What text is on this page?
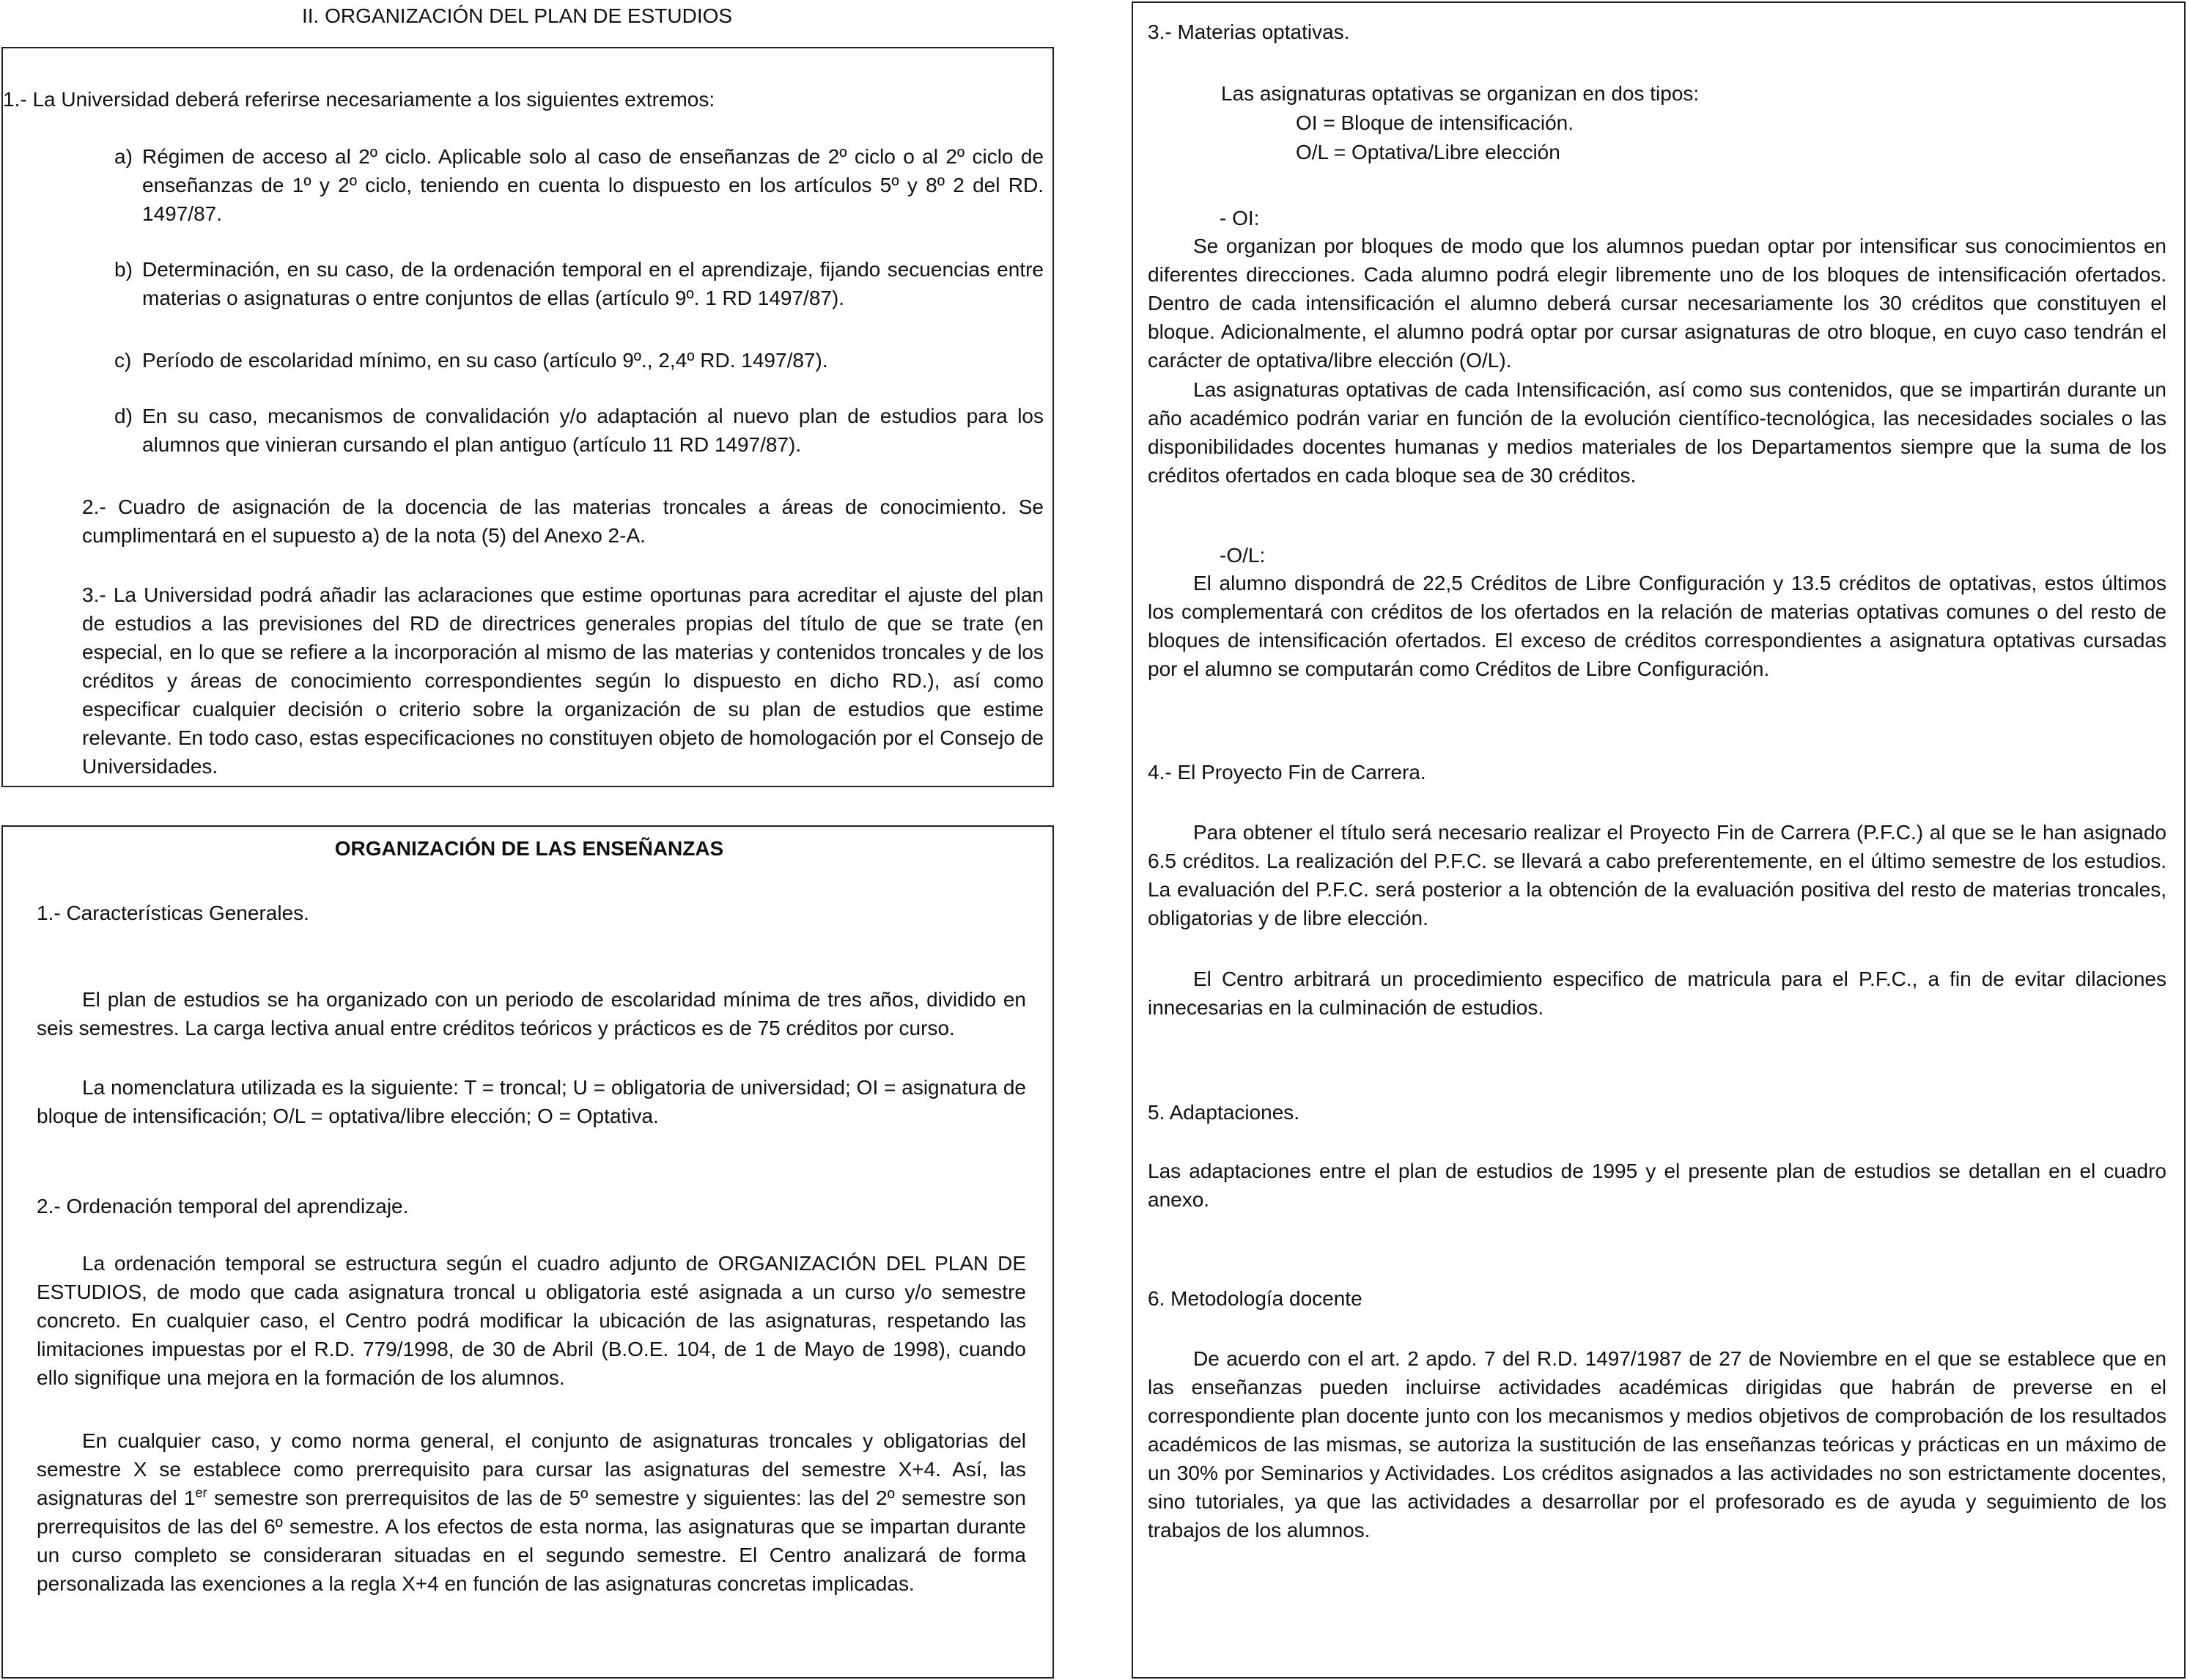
II. ORGANIZACIÓN DEL PLAN DE ESTUDIOS

1.- La Universidad deberá referirse necesariamente a los siguientes extremos:

a) Régimen de acceso al 2º ciclo. Aplicable solo al caso de enseñanzas de 2º ciclo o al 2º ciclo de enseñanzas de 1º y 2º ciclo, teniendo en cuenta lo dispuesto en los artículos 5º y 8º 2 del RD. 1497/87.
b) Determinación, en su caso, de la ordenación temporal en el aprendizaje, fijando secuencias entre materias o asignaturas o entre conjuntos de ellas (artículo 9º. 1 RD 1497/87).
c) Período de escolaridad mínimo, en su caso (artículo 9º., 2,4º RD. 1497/87).
d) En su caso, mecanismos de convalidación y/o adaptación al nuevo plan de estudios para los alumnos que vinieran cursando el plan antiguo (artículo 11 RD 1497/87).

2.- Cuadro de asignación de la docencia de las materias troncales a áreas de conocimiento. Se cumplimentará en el supuesto a) de la nota (5) del Anexo 2-A.

3.- La Universidad podrá añadir las aclaraciones que estime oportunas para acreditar el ajuste del plan de estudios a las previsiones del RD de directrices generales propias del título de que se trate (en especial, en lo que se refiere a la incorporación al mismo de las materias y contenidos troncales y de los créditos y áreas de conocimiento correspondientes según lo dispuesto en dicho RD.), así como especificar cualquier decisión o criterio sobre la organización de su plan de estudios que estime relevante. En todo caso, estas especificaciones no constituyen objeto de homologación por el Consejo de Universidades.

ORGANIZACIÓN DE LAS ENSEÑANZAS

1.- Características Generales.

El plan de estudios se ha organizado con un periodo de escolaridad mínima de tres años, dividido en seis semestres. La carga lectiva anual entre créditos teóricos y prácticos es de 75 créditos por curso.

La nomenclatura utilizada es la siguiente: T = troncal; U = obligatoria de universidad; OI = asignatura de bloque de intensificación; O/L = optativa/libre elección; O = Optativa.

2.- Ordenación temporal del aprendizaje.

La ordenación temporal se estructura según el cuadro adjunto de ORGANIZACIÓN DEL PLAN DE ESTUDIOS, de modo que cada asignatura troncal u obligatoria esté asignada a un curso y/o semestre concreto. En cualquier caso, el Centro podrá modificar la ubicación de las asignaturas, respetando las limitaciones impuestas por el R.D. 779/1998, de 30 de Abril (B.O.E. 104, de 1 de Mayo de 1998), cuando ello signifique una mejora en la formación de los alumnos.

En cualquier caso, y como norma general, el conjunto de asignaturas troncales y obligatorias del semestre X se establece como prerrequisito para cursar las asignaturas del semestre X+4. Así, las asignaturas del 1er semestre son prerrequisitos de las de 5º semestre y siguientes: las del 2º semestre son prerrequisitos de las del 6º semestre. A los efectos de esta norma, las asignaturas que se impartan durante un curso completo se consideraran situadas en el segundo semestre. El Centro analizará de forma personalizada las exenciones a la regla X+4 en función de las asignaturas concretas implicadas.

3.- Materias optativas.

Las asignaturas optativas se organizan en dos tipos:

OI = Bloque de intensificación.

O/L = Optativa/Libre elección

- OI:

Se organizan por bloques de modo que los alumnos puedan optar por intensificar sus conocimientos en diferentes direcciones. Cada alumno podrá elegir libremente uno de los bloques de intensificación ofertados. Dentro de cada intensificación el alumno deberá cursar necesariamente los 30 créditos que constituyen el bloque. Adicionalmente, el alumno podrá optar por cursar asignaturas de otro bloque, en cuyo caso tendrán el carácter de optativa/libre elección (O/L).

Las asignaturas optativas de cada Intensificación, así como sus contenidos, que se impartirán durante un año académico podrán variar en función de la evolución científico-tecnológica, las necesidades sociales o las disponibilidades docentes humanas y medios materiales de los Departamentos siempre que la suma de los créditos ofertados en cada bloque sea de 30 créditos.

-O/L:

El alumno dispondrá de 22,5 Créditos de Libre Configuración y 13.5 créditos de optativas, estos últimos los complementará con créditos de los ofertados en la relación de materias optativas comunes o del resto de bloques de intensificación ofertados. El exceso de créditos correspondientes a asignatura optativas cursadas por el alumno se computarán como Créditos de Libre Configuración.

4.- El Proyecto Fin de Carrera.

Para obtener el título será necesario realizar el Proyecto Fin de Carrera (P.F.C.) al que se le han asignado 6.5 créditos. La realización del P.F.C. se llevará a cabo preferentemente, en el último semestre de los estudios. La evaluación del P.F.C. será posterior a la obtención de la evaluación positiva del resto de materias troncales, obligatorias y de libre elección.

El Centro arbitrará un procedimiento especifico de matricula para el P.F.C., a fin de evitar dilaciones innecesarias en la culminación de estudios.

5. Adaptaciones.

Las adaptaciones entre el plan de estudios de 1995 y el presente plan de estudios se detallan en el cuadro anexo.

6. Metodología docente

De acuerdo con el art. 2 apdo. 7 del R.D. 1497/1987 de 27 de Noviembre en el que se establece que en las enseñanzas pueden incluirse actividades académicas dirigidas que habrán de preverse en el correspondiente plan docente junto con los mecanismos y medios objetivos de comprobación de los resultados académicos de las mismas, se autoriza la sustitución de las enseñanzas teóricas y prácticas en un máximo de un 30% por Seminarios y Actividades. Los créditos asignados a las actividades no son estrictamente docentes, sino tutoriales, ya que las actividades a desarrollar por el profesorado es de ayuda y seguimiento de los trabajos de los alumnos.
